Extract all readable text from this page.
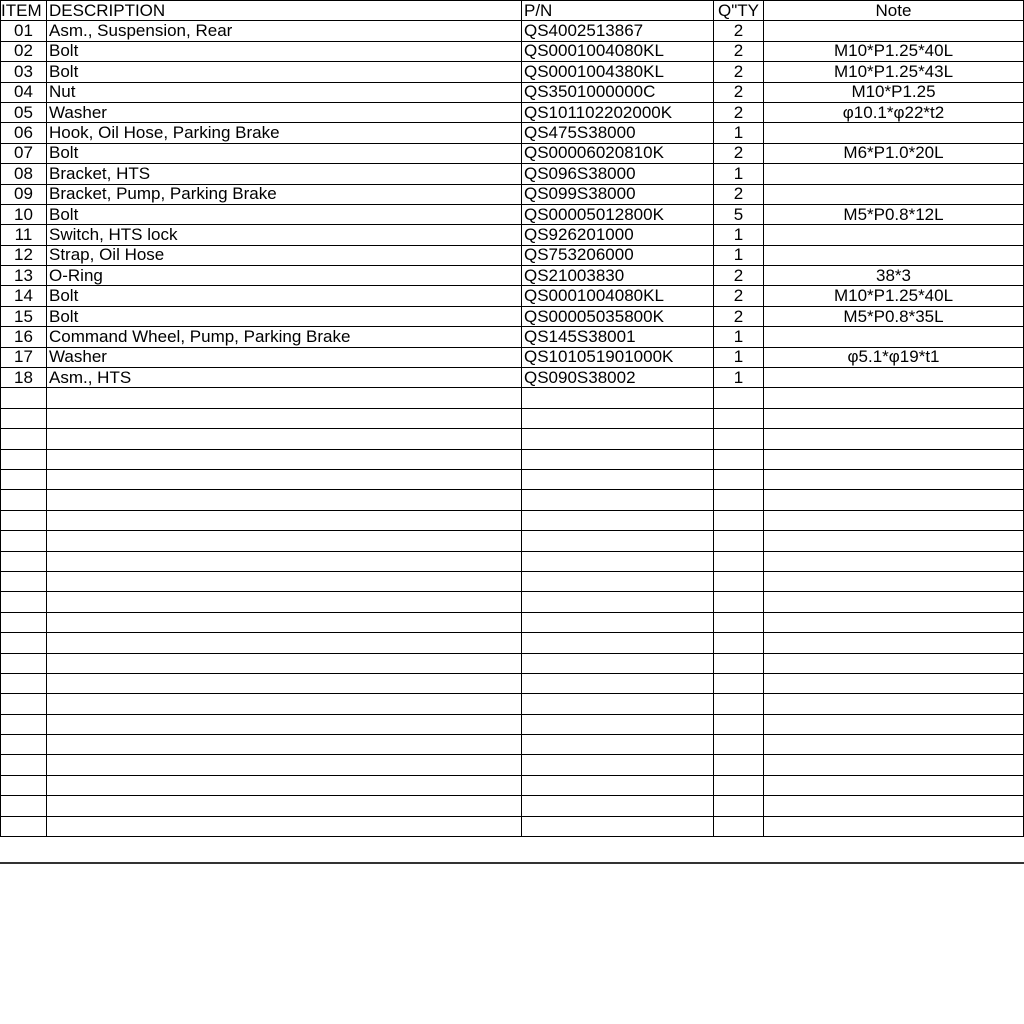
ITEM	DESCRIPTION	P/N	Q"TY	Note
01	Asm., Suspension, Rear	QS4002513867	2	
02	Bolt	QS0001004080KL	2	M10*P1.25*40L
03	Bolt	QS0001004380KL	2	M10*P1.25*43L
04	Nut	QS3501000000C	2	M10*P1.25
05	Washer	QS101102202000K	2	φ10.1*φ22*t2
06	Hook, Oil Hose, Parking Brake	QS475S38000	1	
07	Bolt	QS00006020810K	2	M6*P1.0*20L
08	Bracket, HTS	QS096S38000	1	
09	Bracket, Pump, Parking Brake	QS099S38000	2	
10	Bolt	QS00005012800K	5	M5*P0.8*12L
11	Switch, HTS lock	QS926201000	1	
12	Strap, Oil Hose	QS753206000	1	
13	O-Ring	QS21003830	2	38*3
14	Bolt	QS0001004080KL	2	M10*P1.25*40L
15	Bolt	QS00005035800K	2	M5*P0.8*35L
16	Command Wheel, Pump, Parking Brake	QS145S38001	1	
17	Washer	QS101051901000K	1	φ5.1*φ19*t1
18	Asm., HTS	QS090S38002	1	
